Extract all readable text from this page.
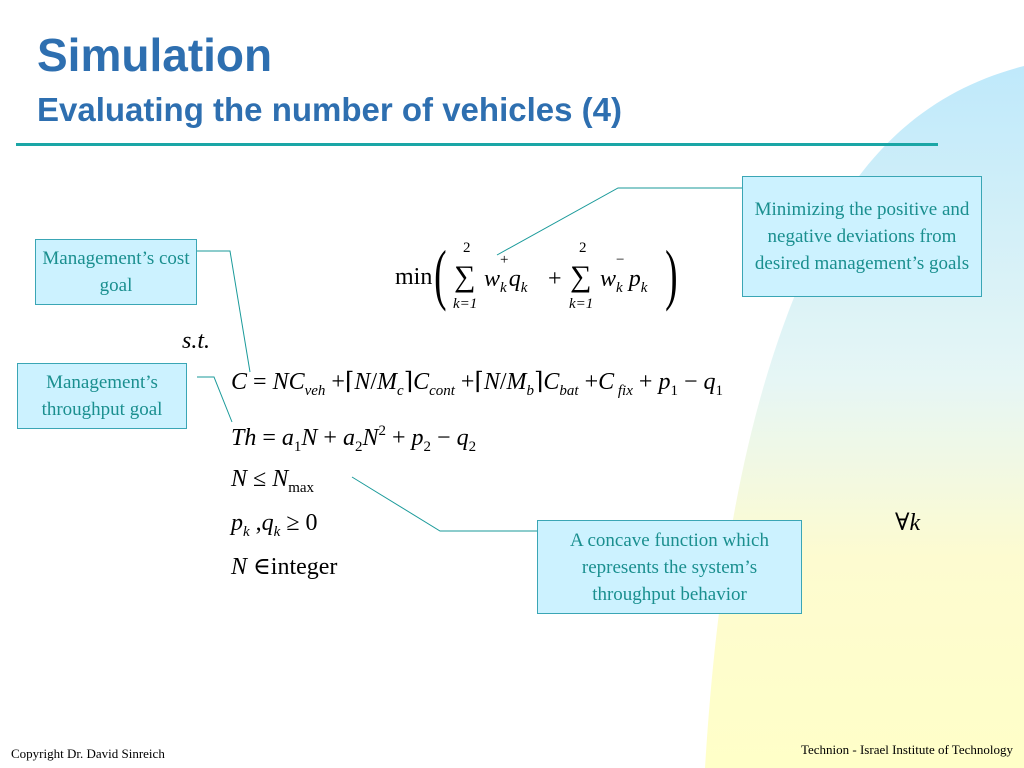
Simulation
Evaluating the number of vehicles (4)
Management’s cost goal
Management’s throughput goal
Minimizing the positive and negative deviations from desired management’s goals
A concave function which represents the system’s throughput behavior
min ( 2
∑
k=1
w
+
$_kq_k$ +
2
∑
k=1
w
−
$_k$ $p_k$ )
s.t.
$C = NC_{veh}$ $+⌈N/M_c⌉C_{cont}$ $+⌈N/M_b⌉C_{bat} +C$ $_{fix} + p_1 - q_1$
$Th = a_1N + a_2N^2 + p_2 - q_2$
$N \le N_{max}$
$p_k$ $,q_k \ge 0$
N ∈integer
∀k
Copyright Dr. David Sinreich	Technion - Israel Institute of Technology
